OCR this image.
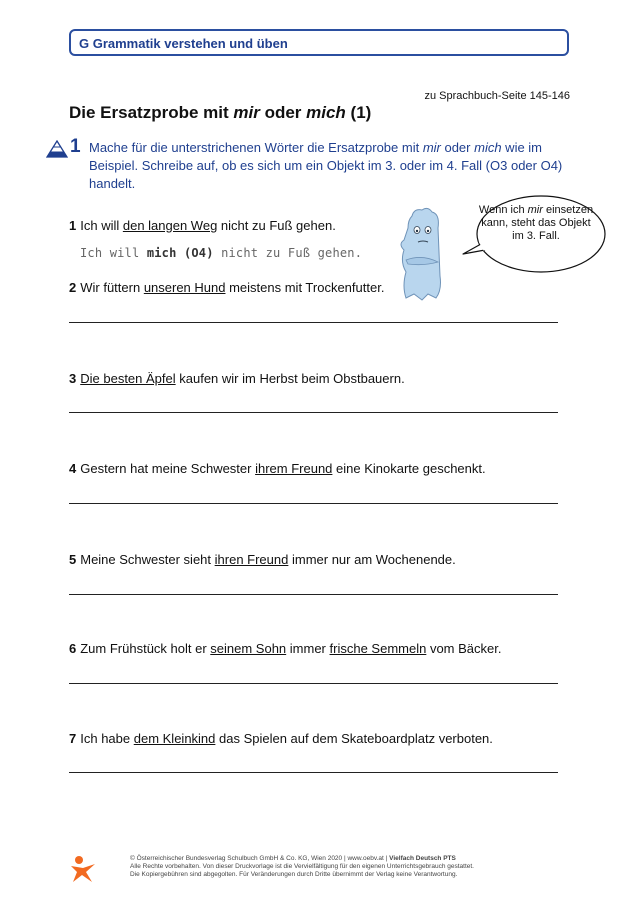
G Grammatik verstehen und üben
zu Sprachbuch-Seite 145-146
Die Ersatzprobe mit mir oder mich (1)
1 Mache für die unterstrichenen Wörter die Ersatzprobe mit mir oder mich wie im Beispiel. Schreibe auf, ob es sich um ein Objekt im 3. oder im 4. Fall (O3 oder O4) handelt.
1 Ich will den langen Weg nicht zu Fuß gehen.
Ich will mich (O4) nicht zu Fuß gehen.
2 Wir füttern unseren Hund meistens mit Trockenfutter.
3 Die besten Äpfel kaufen wir im Herbst beim Obstbauern.
4 Gestern hat meine Schwester ihrem Freund eine Kinokarte geschenkt.
5 Meine Schwester sieht ihren Freund immer nur am Wochenende.
6 Zum Frühstück holt er seinem Sohn immer frische Semmeln vom Bäcker.
7 Ich habe dem Kleinkind das Spielen auf dem Skateboardplatz verboten.
Wenn ich mir einsetzen kann, steht das Objekt im 3. Fall.
© Österreichischer Bundesverlag Schulbuch GmbH & Co. KG, Wien 2020 | www.oebv.at | Vielfach Deutsch PTS
Alle Rechte vorbehalten. Von dieser Druckvorlage ist die Vervielfältigung für den eigenen Unterrichtsgebrauch gestattet.
Die Kopiergebühren sind abgegolten. Für Veränderungen durch Dritte übernimmt der Verlag keine Verantwortung.
